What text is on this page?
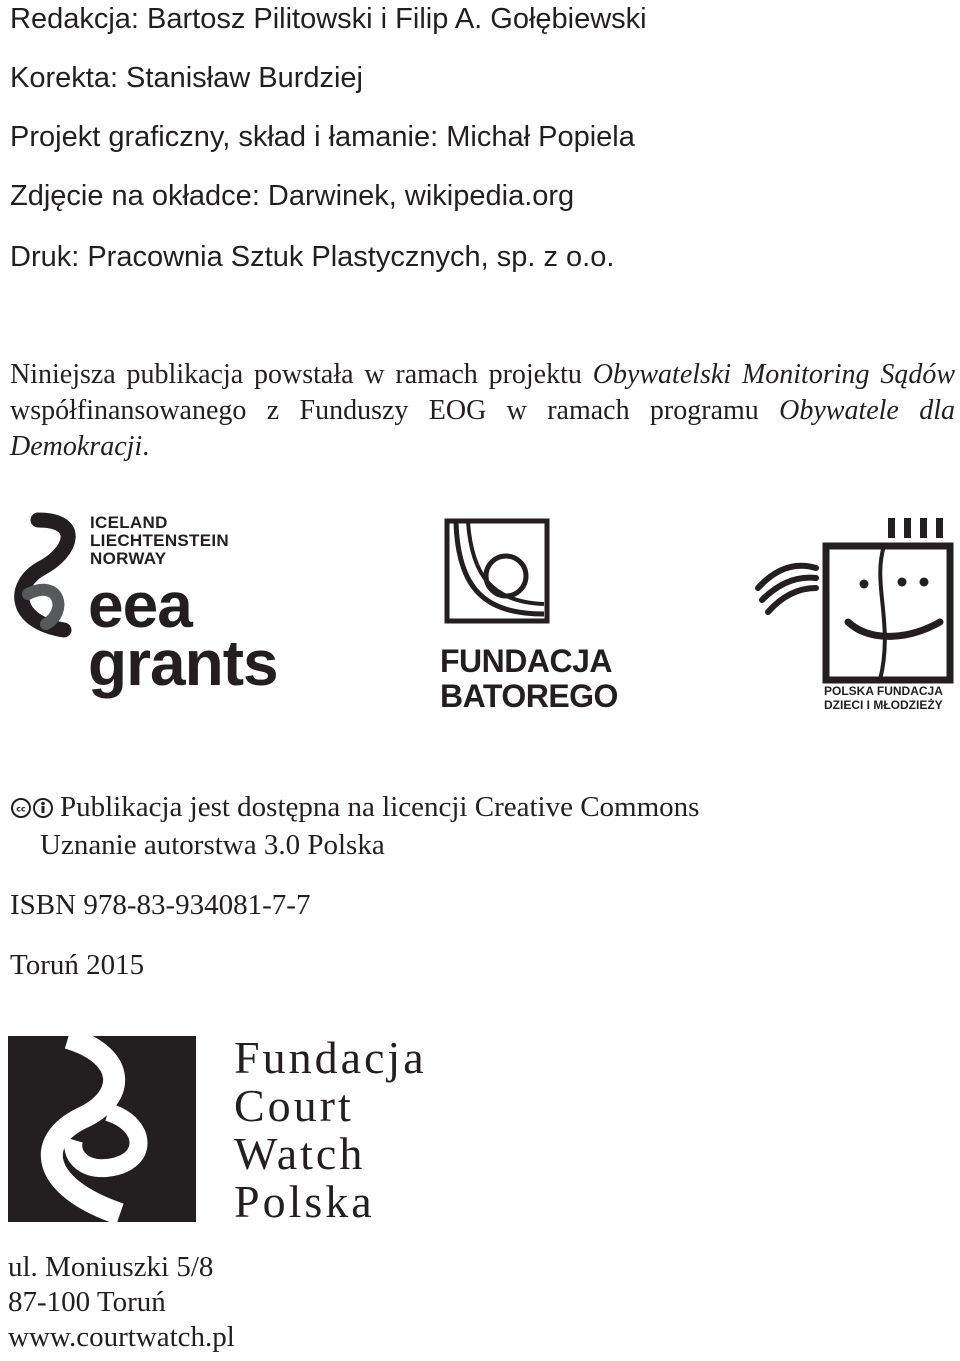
Redakcja: Bartosz Pilitowski i Filip A. Gołębiewski
Korekta: Stanisław Burdziej
Projekt graficzny, skład i łamanie: Michał Popiela
Zdjęcie na okładce: Darwinek, wikipedia.org
Druk: Pracownia Sztuk Plastycznych, sp. z o.o.

Niniejsza publikacja powstała w ramach projektu Obywatelski Monitoring Sądów współfinansowanego z Funduszy EOG w ramach programu Obywatele dla Demokracji.

ICELAND
LIECHTENSTEIN
NORWAY
eea
grants	FUNDACJA
BATOREGO	POLSKA FUNDACJA
DZIECI I MŁODZIEŻY
cc Publikacja jest dostępna na licencji Creative Commons
Uznanie autorstwa 3.0 Polska
ISBN 978-83-934081-7-7
Toruń 2015
Fundacja
Court
Watch
Polska
ul. Moniuszki 5/8
87-100 Toruń
www.courtwatch.pl
